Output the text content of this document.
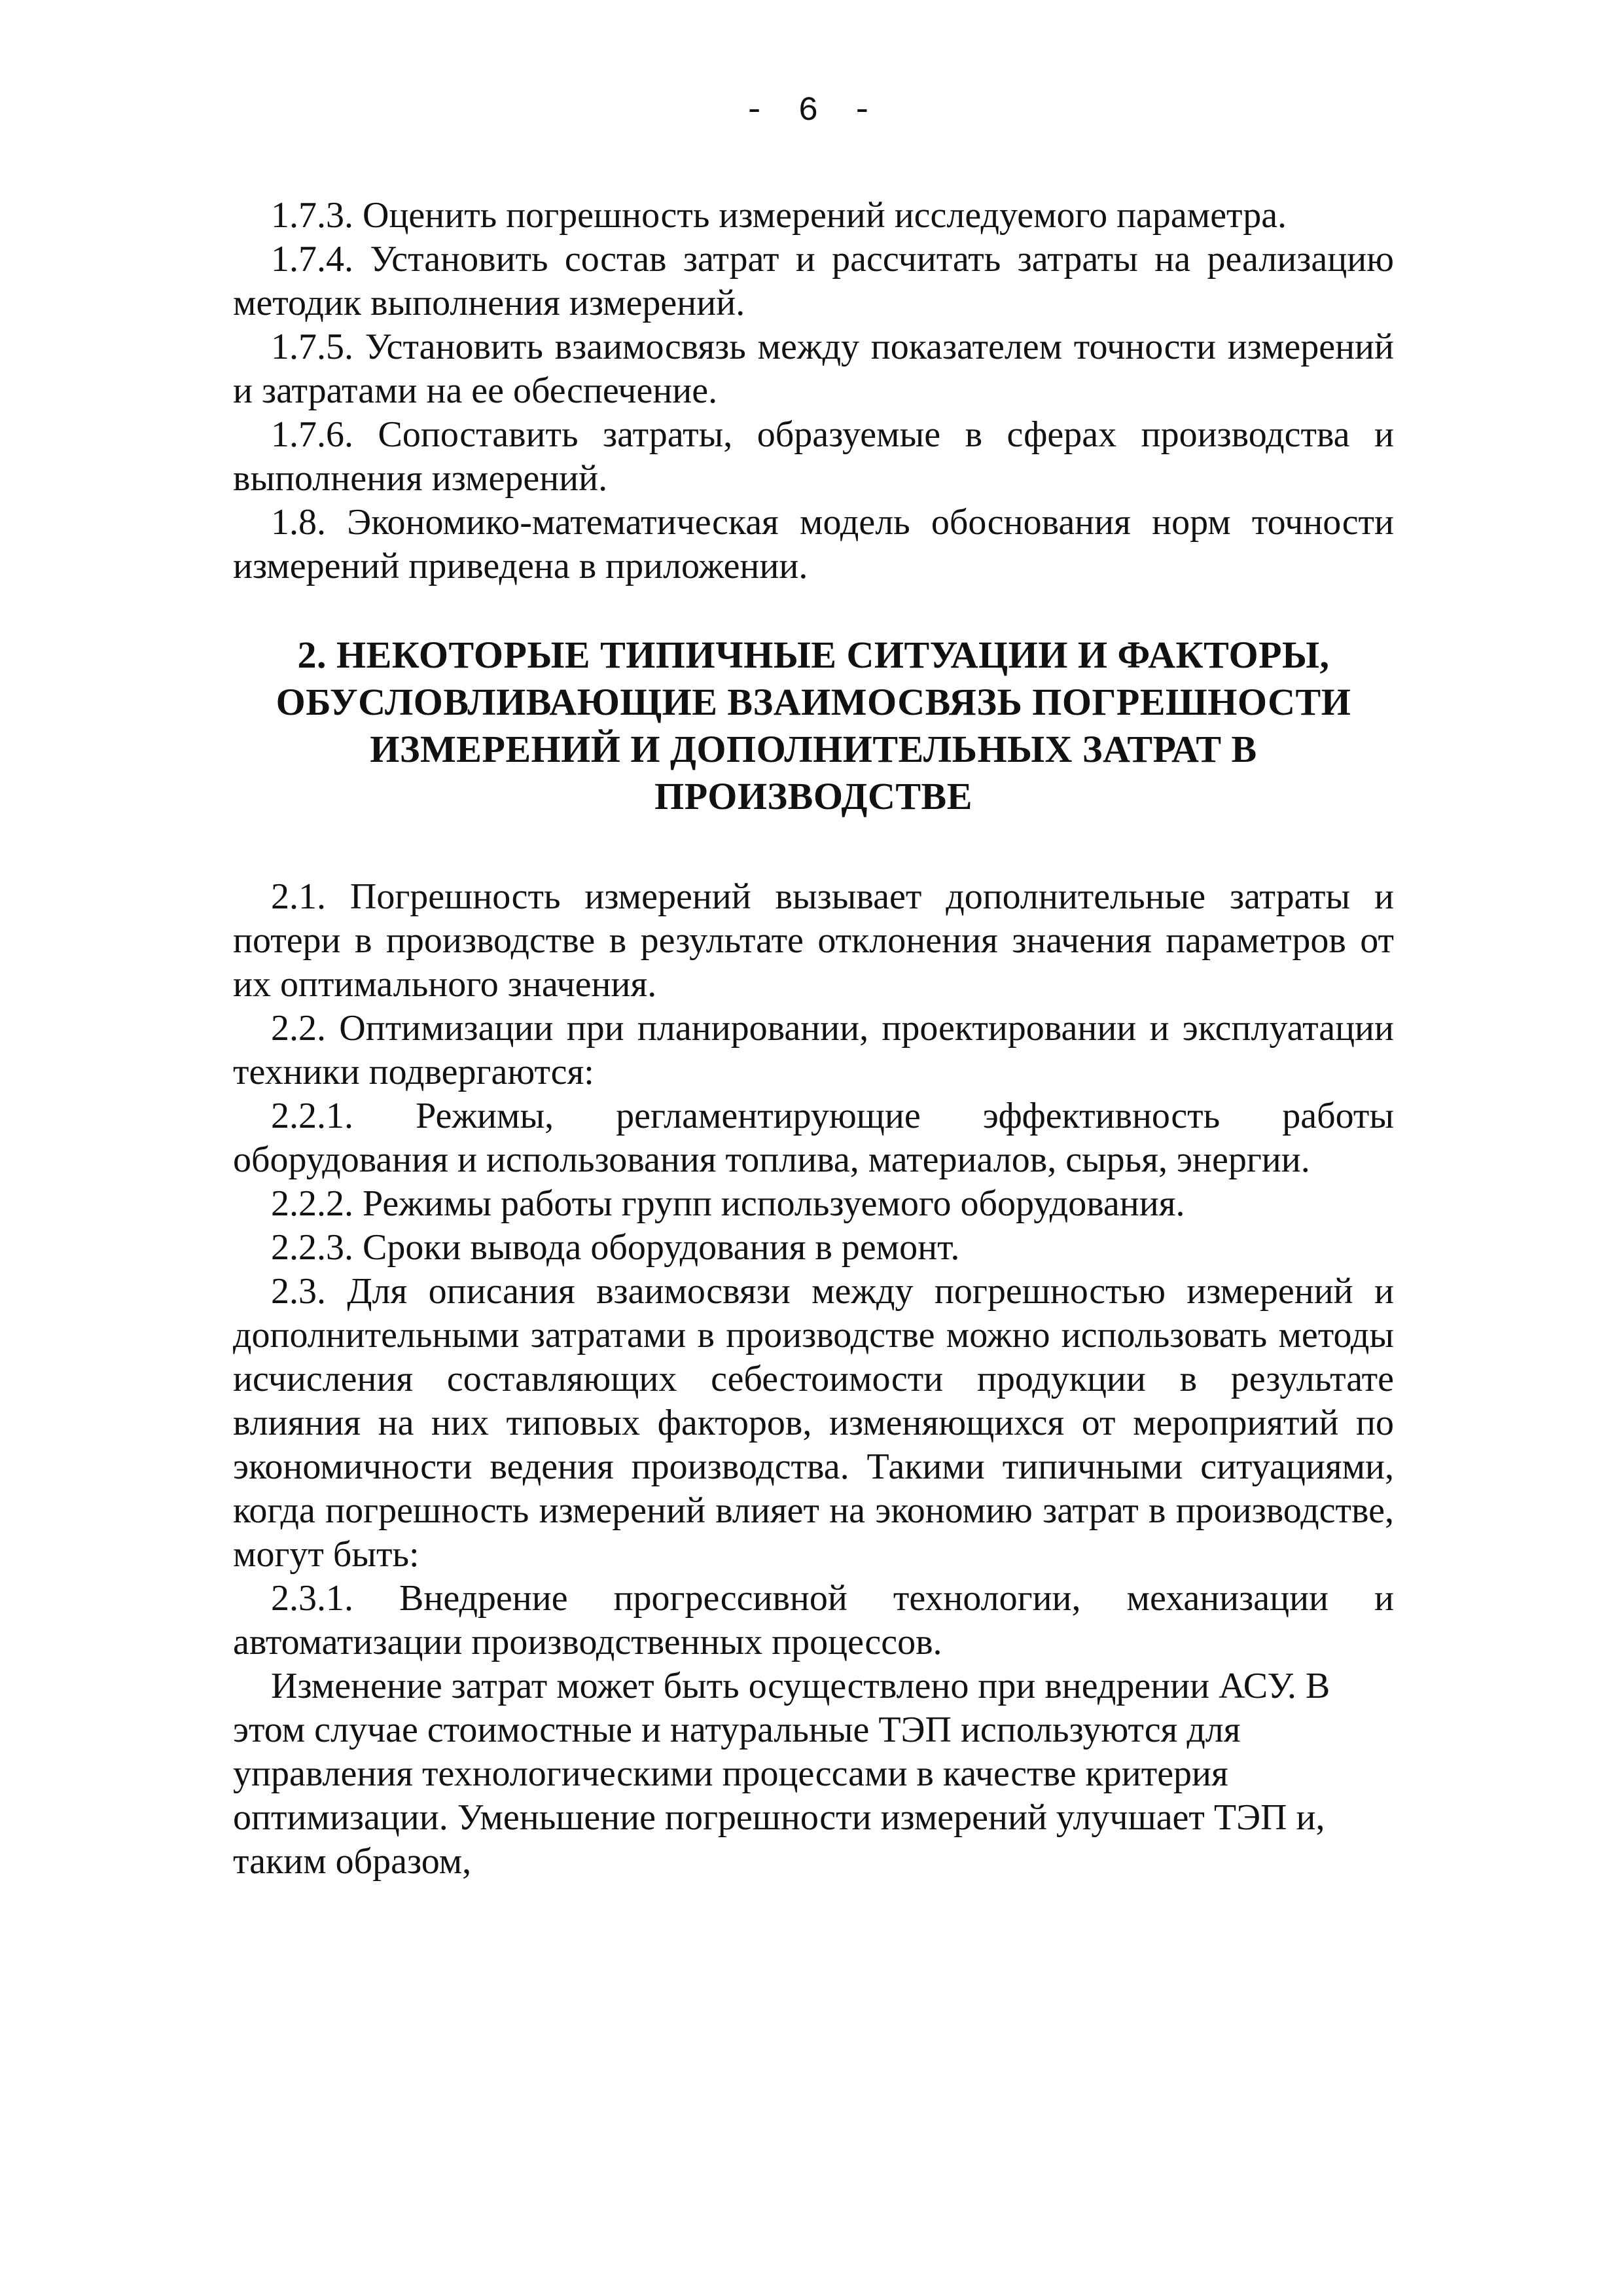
- 6 -

1.7.3. Оценить погрешность измерений исследуемого параметра.

1.7.4. Установить состав затрат и рассчитать затраты на реализацию методик выполнения измерений.

1.7.5. Установить взаимосвязь между показателем точности измерений и затратами на ее обеспечение.

1.7.6. Сопоставить затраты, образуемые в сферах производства и выполнения измерений.

1.8. Экономико-математическая модель обоснования норм точности измерений приведена в приложении.

2. НЕКОТОРЫЕ ТИПИЧНЫЕ СИТУАЦИИ И ФАКТОРЫ,
ОБУСЛОВЛИВАЮЩИЕ ВЗАИМОСВЯЗЬ ПОГРЕШНОСТИ
ИЗМЕРЕНИЙ И ДОПОЛНИТЕЛЬНЫХ ЗАТРАТ В
ПРОИЗВОДСТВЕ

2.1. Погрешность измерений вызывает дополнительные затраты и потери в производстве в результате отклонения значения параметров от их оптимального значения.

2.2. Оптимизации при планировании, проектировании и эксплуатации техники подвергаются:

2.2.1. Режимы, регламентирующие эффективность работы оборудования и использования топлива, материалов, сырья, энергии.

2.2.2. Режимы работы групп используемого оборудования.

2.2.3. Сроки вывода оборудования в ремонт.

2.3. Для описания взаимосвязи между погрешностью измерений и дополнительными затратами в производстве можно использовать методы исчисления составляющих себестоимости продукции в результате влияния на них типовых факторов, изменяющихся от мероприятий по экономичности ведения производства. Такими типичными ситуациями, когда погрешность измерений влияет на экономию затрат в производстве, могут быть:

2.3.1. Внедрение прогрессивной технологии, механизации и автоматизации производственных процессов.

Изменение затрат может быть осуществлено при внедрении АСУ. В этом случае стоимостные и натуральные ТЭП используются для управления технологическими процессами в качестве критерия оптимизации. Уменьшение погрешности измерений улучшает ТЭП и, таким образом,
